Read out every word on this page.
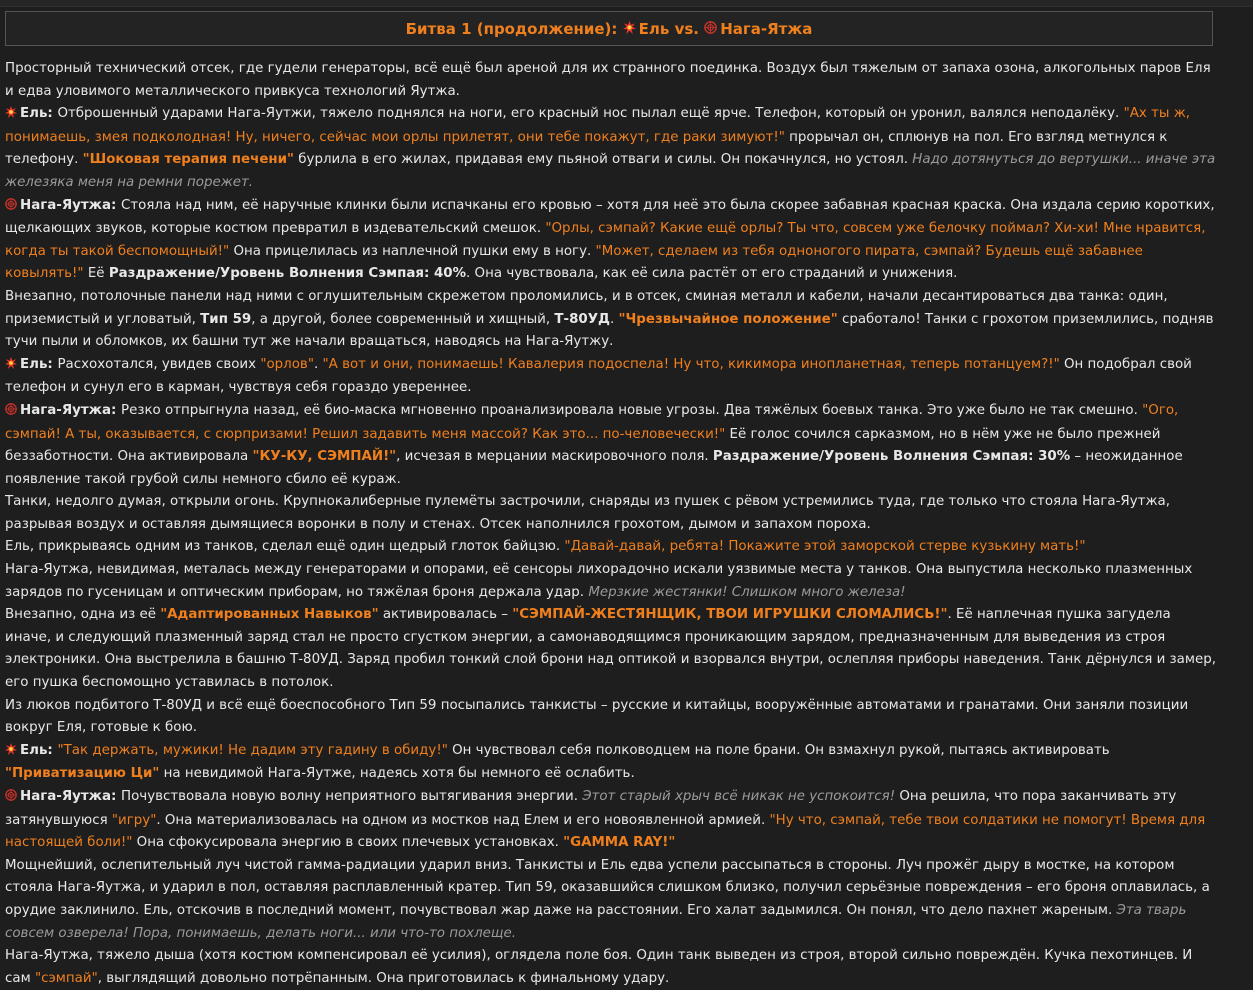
Битва 1 (продолжение):
Ель
vs.
Нага-Ятжа
Просторный технический отсек, где гудели генераторы, всё ещё был ареной для их странного поединка. Воздух был тяжелым от запаха озона, алкогольных паров Еля и едва уловимого металлического привкуса технологий Яутжа.
Ель: Отброшенный ударами Нага-Яутжи, тяжело поднялся на ноги, его красный нос пылал ещё ярче. Телефон, который он уронил, валялся неподалёку. "Ах ты ж, понимаешь, змея подколодная! Ну, ничего, сейчас мои орлы прилетят, они тебе покажут, где раки зимуют!" прорычал он, сплюнув на пол. Его взгляд метнулся к телефону. "Шоковая терапия печени" бурлила в его жилах, придавая ему пьяной отваги и силы. Он покачнулся, но устоял. Надо дотянуться до вертушки... иначе эта железяка меня на ремни порежет.
Нага-Яутжа: Стояла над ним, её наручные клинки были испачканы его кровью – хотя для неё это была скорее забавная красная краска. Она издала серию коротких, щелкающих звуков, которые костюм превратил в издевательский смешок. "Орлы, сэмпай? Какие ещё орлы? Ты что, совсем уже белочку поймал? Хи-хи! Мне нравится, когда ты такой беспомощный!" Она прицелилась из наплечной пушки ему в ногу. "Может, сделаем из тебя одноногого пирата, сэмпай? Будешь ещё забавнее ковылять!" Её Раздражение/Уровень Волнения Сэмпая: 40%. Она чувствовала, как её сила растёт от его страданий и унижения.
Внезапно, потолочные панели над ними с оглушительным скрежетом проломились, и в отсек, сминая металл и кабели, начали десантироваться два танка: один, приземистый и угловатый, Тип 59, а другой, более современный и хищный, Т-80УД. "Чрезвычайное положение" сработало! Танки с грохотом приземлились, подняв тучи пыли и обломков, их башни тут же начали вращаться, наводясь на Нага-Яутжу.
Ель: Расхохотался, увидев своих "орлов". "А вот и они, понимаешь! Кавалерия подоспела! Ну что, кикимора инопланетная, теперь потанцуем?!" Он подобрал свой телефон и сунул его в карман, чувствуя себя гораздо увереннее.
Нага-Яутжа: Резко отпрыгнула назад, её био-маска мгновенно проанализировала новые угрозы. Два тяжёлых боевых танка. Это уже было не так смешно. "Ого, сэмпай! А ты, оказывается, с сюрпризами! Решил задавить меня массой? Как это... по-человечески!" Её голос сочился сарказмом, но в нём уже не было прежней беззаботности. Она активировала "КУ-КУ, СЭМПАЙ!", исчезая в мерцании маскировочного поля. Раздражение/Уровень Волнения Сэмпая: 30% – неожиданное появление такой грубой силы немного сбило её кураж.
Танки, недолго думая, открыли огонь. Крупнокалиберные пулемёты застрочили, снаряды из пушек с рёвом устремились туда, где только что стояла Нага-Яутжа, разрывая воздух и оставляя дымящиеся воронки в полу и стенах. Отсек наполнился грохотом, дымом и запахом пороха.
Ель, прикрываясь одним из танков, сделал ещё один щедрый глоток байцзю. "Давай-давай, ребята! Покажите этой заморской стерве кузькину мать!"
Нага-Яутжа, невидимая, металась между генераторами и опорами, её сенсоры лихорадочно искали уязвимые места у танков. Она выпустила несколько плазменных зарядов по гусеницам и оптическим приборам, но тяжёлая броня держала удар. Мерзкие жестянки! Слишком много железа!
Внезапно, одна из её "Адаптированных Навыков" активировалась – "СЭМПАЙ-ЖЕСТЯНЩИК, ТВОИ ИГРУШКИ СЛОМАЛИСЬ!". Её наплечная пушка загудела иначе, и следующий плазменный заряд стал не просто сгустком энергии, а самонаводящимся проникающим зарядом, предназначенным для выведения из строя электроники. Она выстрелила в башню Т-80УД. Заряд пробил тонкий слой брони над оптикой и взорвался внутри, ослепляя приборы наведения. Танк дёрнулся и замер, его пушка беспомощно уставилась в потолок.
Из люков подбитого Т-80УД и всё ещё боеспособного Тип 59 посыпались танкисты – русские и китайцы, вооружённые автоматами и гранатами. Они заняли позиции вокруг Еля, готовые к бою.
Ель: "Так держать, мужики! Не дадим эту гадину в обиду!" Он чувствовал себя полководцем на поле брани. Он взмахнул рукой, пытаясь активировать "Приватизацию Ци" на невидимой Нага-Яутже, надеясь хотя бы немного её ослабить.
Нага-Яутжа: Почувствовала новую волну неприятного вытягивания энергии. Этот старый хрыч всё никак не успокоится! Она решила, что пора заканчивать эту затянувшуюся "игру". Она материализовалась на одном из мостков над Елем и его новоявленной армией. "Ну что, сэмпай, тебе твои солдатики не помогут! Время для настоящей боли!" Она сфокусировала энергию в своих плечевых установках. "GAMMA RAY!"
Мощнейший, ослепительный луч чистой гамма-радиации ударил вниз. Танкисты и Ель едва успели рассыпаться в стороны. Луч прожёг дыру в мостке, на котором стояла Нага-Яутжа, и ударил в пол, оставляя расплавленный кратер. Тип 59, оказавшийся слишком близко, получил серьёзные повреждения – его броня оплавилась, а орудие заклинило. Ель, отскочив в последний момент, почувствовал жар даже на расстоянии. Его халат задымился. Он понял, что дело пахнет жареным. Эта тварь совсем озверела! Пора, понимаешь, делать ноги... или что-то похлеще.
Нага-Яутжа, тяжело дыша (хотя костюм компенсировал её усилия), оглядела поле боя. Один танк выведен из строя, второй сильно повреждён. Кучка пехотинцев. И сам "сэмпай", выглядящий довольно потрёпанным. Она приготовилась к финальному удару.
